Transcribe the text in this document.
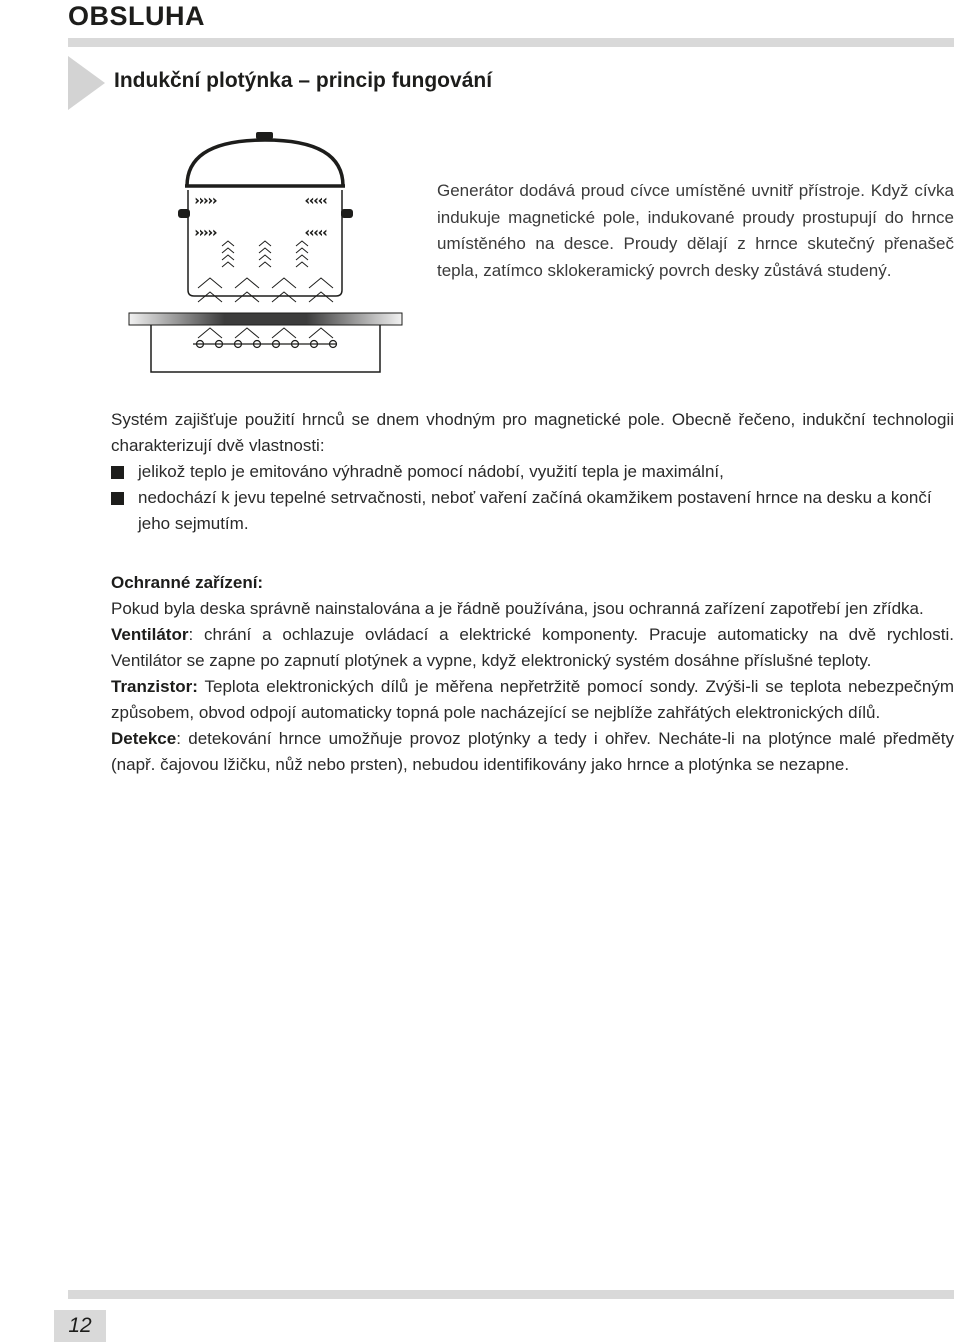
OBSLUHA
Indukční plotýnka – princip fungování
›››››	‹‹‹‹‹
›››››	‹‹‹‹‹
Generátor dodává proud cívce umístěné uvnitř přístroje. Když cívka indukuje magnetické pole, indukované proudy prostupují do hrnce umístěného na desce. Proudy dělají z hrnce skutečný přenašeč tepla, zatímco sklokeramický povrch desky zůstává studený.

Systém zajišťuje použití hrnců se dnem vhodným pro magnetické pole. Obecně řečeno, indukční technologii charakterizují dvě vlastnosti:

jelikož teplo je emitováno výhradně pomocí nádobí, využití tepla je maximální,
nedochází k jevu tepelné setrvačnosti, neboť vaření začíná okamžikem postavení hrnce na desku a končí jeho sejmutím.

Ochranné zařízení:

Pokud byla deska správně nainstalována a je řádně používána, jsou ochranná zařízení zapotřebí jen zřídka.

Ventilátor: chrání a ochlazuje ovládací a elektrické komponenty. Pracuje automaticky na dvě rychlosti. Ventilátor se zapne po zapnutí plotýnek a vypne, když elektronický systém dosáhne příslušné teploty.

Tranzistor: Teplota elektronických dílů je měřena nepřetržitě pomocí sondy. Zvýši-li se teplota nebezpečným způsobem, obvod odpojí automaticky topná pole nacházející se nejblíže zahřátých elektronických dílů.

Detekce: detekování hrnce umožňuje provoz plotýnky a tedy i ohřev. Necháte-li na plotýnce malé předměty (např. čajovou lžičku, nůž nebo prsten), nebudou identifikovány jako hrnce a plotýnka se nezapne.

12
